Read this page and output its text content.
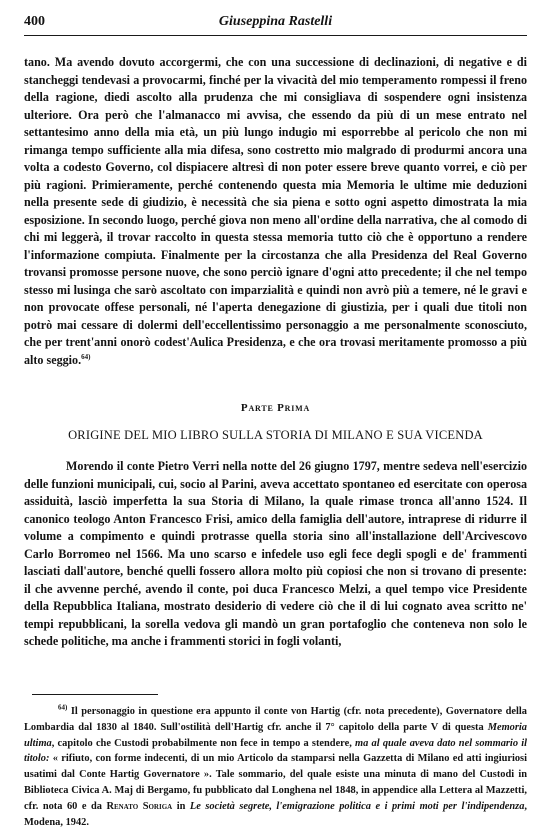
400	Giuseppina Rastelli

tano. Ma avendo dovuto accorgermi, che con una successione di declinazioni, di negative e di stancheggi tendevasi a provocarmi, finché per la vivacità del mio temperamento rompessi il freno della ragione, diedi ascolto alla prudenza che mi consigliava di sospendere ogni insistenza ulteriore. Ora però che l'almanacco mi avvisa, che essendo da più di un mese entrato nel settantesimo anno della mia età, un più lungo indugio mi esporrebbe al pericolo che non mi rimanga tempo sufficiente alla mia difesa, sono costretto mio malgrado di produrmi ancora una volta a codesto Governo, col dispiacere altresì di non poter essere breve quanto vorrei, e ciò per più ragioni. Primieramente, perché contenendo questa mia Memoria le ultime mie deduzioni nella presente sede di giudizio, è necessità che sia piena e sotto ogni aspetto dimostrata la mia esposizione. In secondo luogo, perché giova non meno all'ordine della narrativa, che al comodo di chi mi leggerà, il trovar raccolto in questa stessa memoria tutto ciò che è opportuno a rendere l'informazione compiuta. Finalmente per la circostanza che alla Presidenza del Real Governo trovansi promosse persone nuove, che sono perciò ignare d'ogni atto precedente; il che nel tempo stesso mi lusinga che sarò ascoltato con imparzialità e quindi non avrò più a temere, né le gravi e non provocate offese personali, né l'aperta denegazione di giustizia, per i quali due titoli non potrò mai cessare di dolermi dell'eccellentissimo personaggio a me personalmente sconosciuto, che per trent'anni onorò codest'Aulica Presidenza, e che ora trovasi meritamente promosso a più alto seggio.$^{64)}$

Parte Prima
ORIGINE DEL MIO LIBRO SULLA STORIA DI MILANO E SUA VICENDA

Morendo il conte Pietro Verri nella notte del 26 giugno 1797, mentre sedeva nell'esercizio delle funzioni municipali, cui, socio al Parini, aveva accettato spontaneo ed esercitate con operosa assiduità, lasciò imperfetta la sua Storia di Milano, la quale rimase tronca all'anno 1524. Il canonico teologo Anton Francesco Frisi, amico della famiglia dell'autore, intraprese di ridurre il volume a compimento e quindi protrasse quella storia sino all'installazione dell'Arcivescovo Carlo Borromeo nel 1566. Ma uno scarso e infedele uso egli fece degli spogli e de' frammenti lasciati dall'autore, benché quelli fossero allora molto più copiosi che non si trovano di presente: il che avvenne perché, avendo il conte, poi duca Francesco Melzi, a quel tempo vice Presidente della Repubblica Italiana, mostrato desiderio di vedere ciò che il di lui cognato avea scritto ne' tempi repubblicani, la sorella vedova gli mandò un gran portafoglio che conteneva non solo le schede politiche, ma anche i frammenti storici in fogli volanti,

$^{64)}$ Il personaggio in questione era appunto il conte von Hartig (cfr. nota precedente), Governatore della Lombardia dal 1830 al 1840. Sull'ostilità dell'Hartig cfr. anche il 7° capitolo della parte V di questa Memoria ultima, capitolo che Custodi probabilmente non fece in tempo a stendere, ma al quale aveva dato nel sommario il titolo: « rifiuto, con forme indecenti, di un mio Articolo da stamparsi nella Gazzetta di Milano ed atti ingiuriosi usatimi dal Conte Hartig Governatore ». Tale sommario, del quale esiste una minuta di mano del Custodi in Biblioteca Civica A. Maj di Bergamo, fu pubblicato dal Longhena nel 1848, in appendice alla Lettera al Mazzetti, cfr. nota 60 e da Renato Soriga in Le società segrete, l'emigrazione politica e i primi moti per l'indipendenza, Modena, 1942.
